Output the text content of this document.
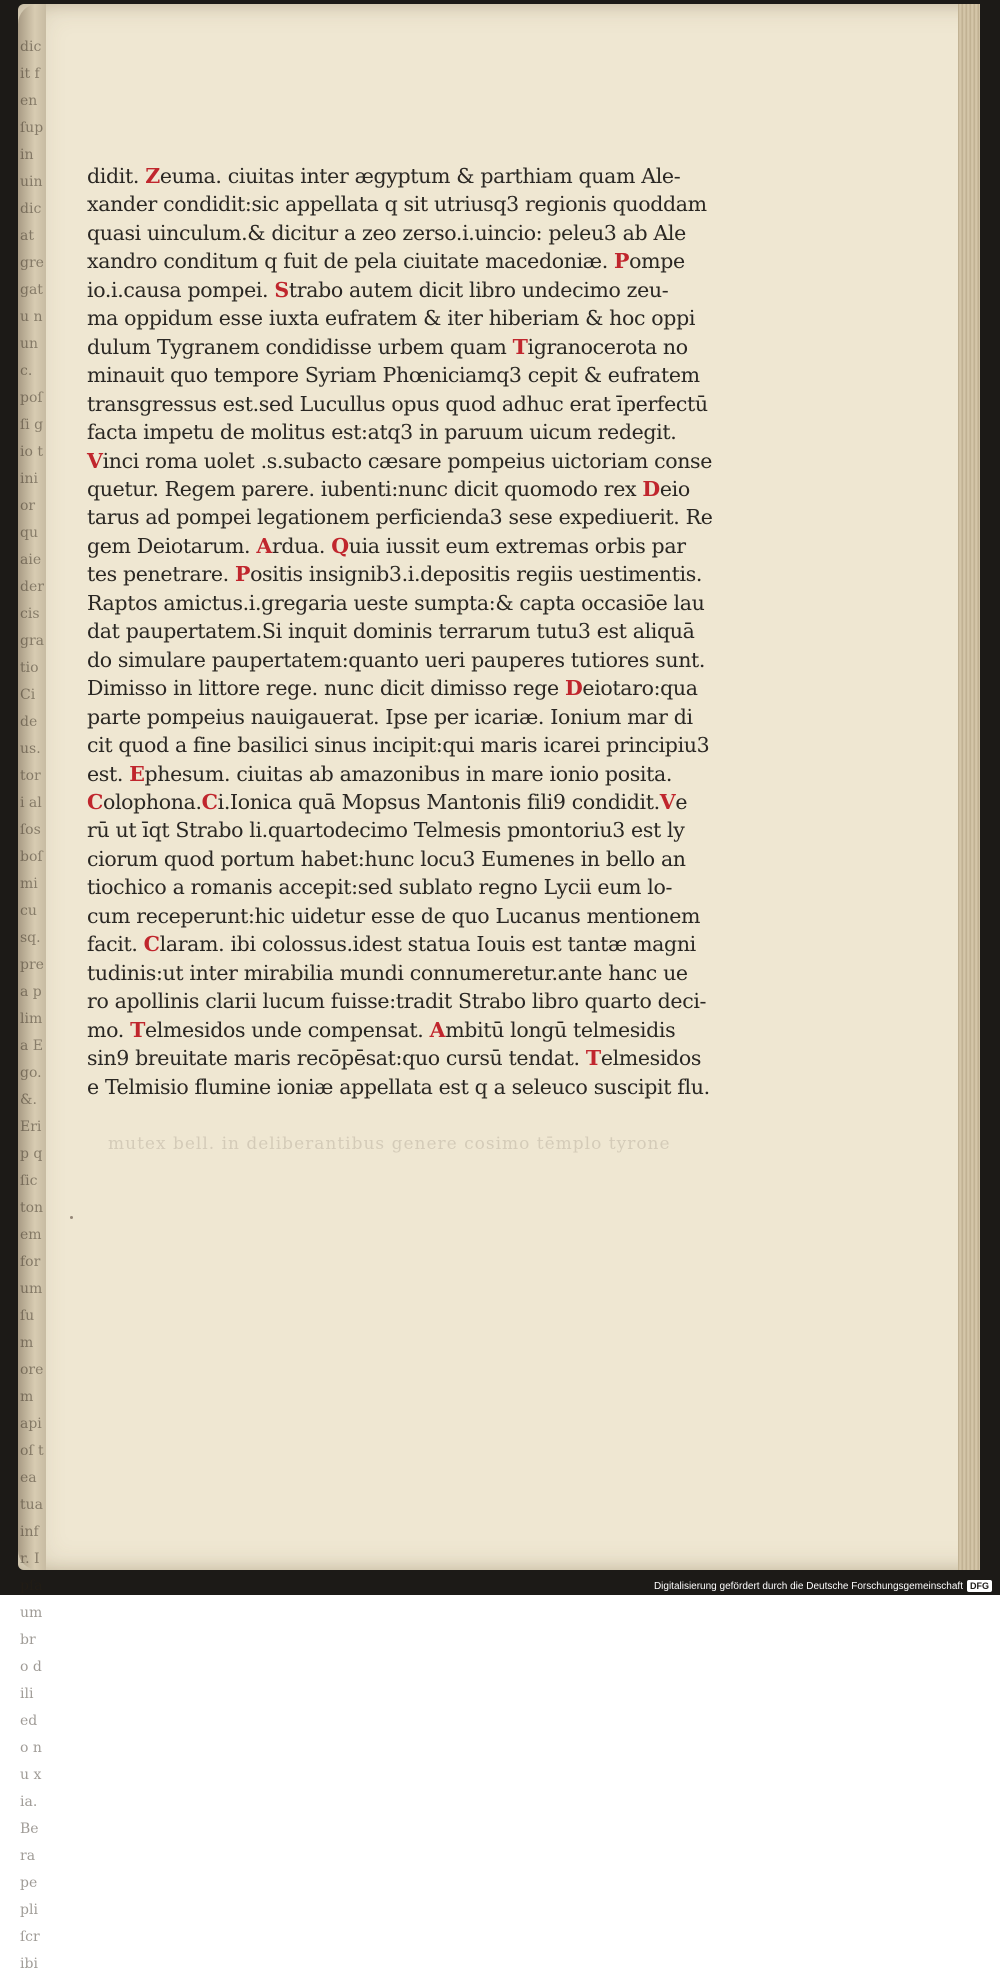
dicit fen ſup in uindicat gre gatu nunc. poſſi gio tini or quaie dercis gratio Ci deus. tori alſos boſmi cusq. prea plima Ego. &. Erip q ſic tonem forum ſum orem apioſ tea tua infr. Ipſa umbro dili edo nu xia. Bera pepli ſcribi
didit. Zeuma. ciuitas inter ægyptum & parthiam quam Ale-
xander condidit:sic appellata q sit utriusq3 regionis quoddam
quasi uinculum.& dicitur a zeo zerso.i.uincio: peleu3 ab Ale
xandro conditum q fuit de pela ciuitate macedoniæ. Pompe
io.i.causa pompei. Strabo autem dicit libro undecimo zeu-
ma oppidum esse iuxta eufratem & iter hiberiam & hoc oppi
dulum Tygranem condidisse urbem quam Tigranocerota no
minauit quo tempore Syriam Phœniciamq3 cepit & eufratem
transgressus est.sed Lucullus opus quod adhuc erat īperfectū
facta impetu de molitus est:atq3 in paruum uicum redegit.
Vinci roma uolet .s.subacto cæsare pompeius uictoriam conse
quetur. Regem parere. iubenti:nunc dicit quomodo rex Deio
tarus ad pompei legationem perficienda3 sese expediuerit. Re
gem Deiotarum. Ardua. Quia iussit eum extremas orbis par
tes penetrare. Positis insignib3.i.depositis regiis uestimentis.
Raptos amictus.i.gregaria ueste sumpta:& capta occasiōe lau
dat paupertatem.Si inquit dominis terrarum tutu3 est aliquā
do simulare paupertatem:quanto ueri pauperes tutiores sunt.
Dimisso in littore rege. nunc dicit dimisso rege Deiotaro:qua
parte pompeius nauigauerat. Ipse per icariæ. Ionium mar di
cit quod a fine basilici sinus incipit:qui maris icarei principiu3
est. Ephesum. ciuitas ab amazonibus in mare ionio posita.
Colophona.Ci.Ionica quā Mopsus Mantonis fili9 condidit.Ve
rū ut īqt Strabo li.quartodecimo Telmesis pmontoriu3 est ly
ciorum quod portum habet:hunc locu3 Eumenes in bello an
tiochico a romanis accepit:sed sublato regno Lycii eum lo-
cum receperunt:hic uidetur esse de quo Lucanus mentionem
facit. Claram. ibi colossus.idest statua Iouis est tantæ magni
tudinis:ut inter mirabilia mundi connumeretur.ante hanc ue
ro apollinis clarii lucum fuisse:tradit Strabo libro quarto deci-
mo. Telmesidos unde compensat. Ambitū longū telmesidis
sin9 breuitate maris recōpēsat:quo cursū tendat. Telmesidos
e Telmisio flumine ioniæ appellata est q a seleuco suscipit flu.
mutex bell. in deliberantibus genere cosimo tēmplo tyrone
Digitalisierung gefördert durch die Deutsche Forschungsgemeinschaft DFG
